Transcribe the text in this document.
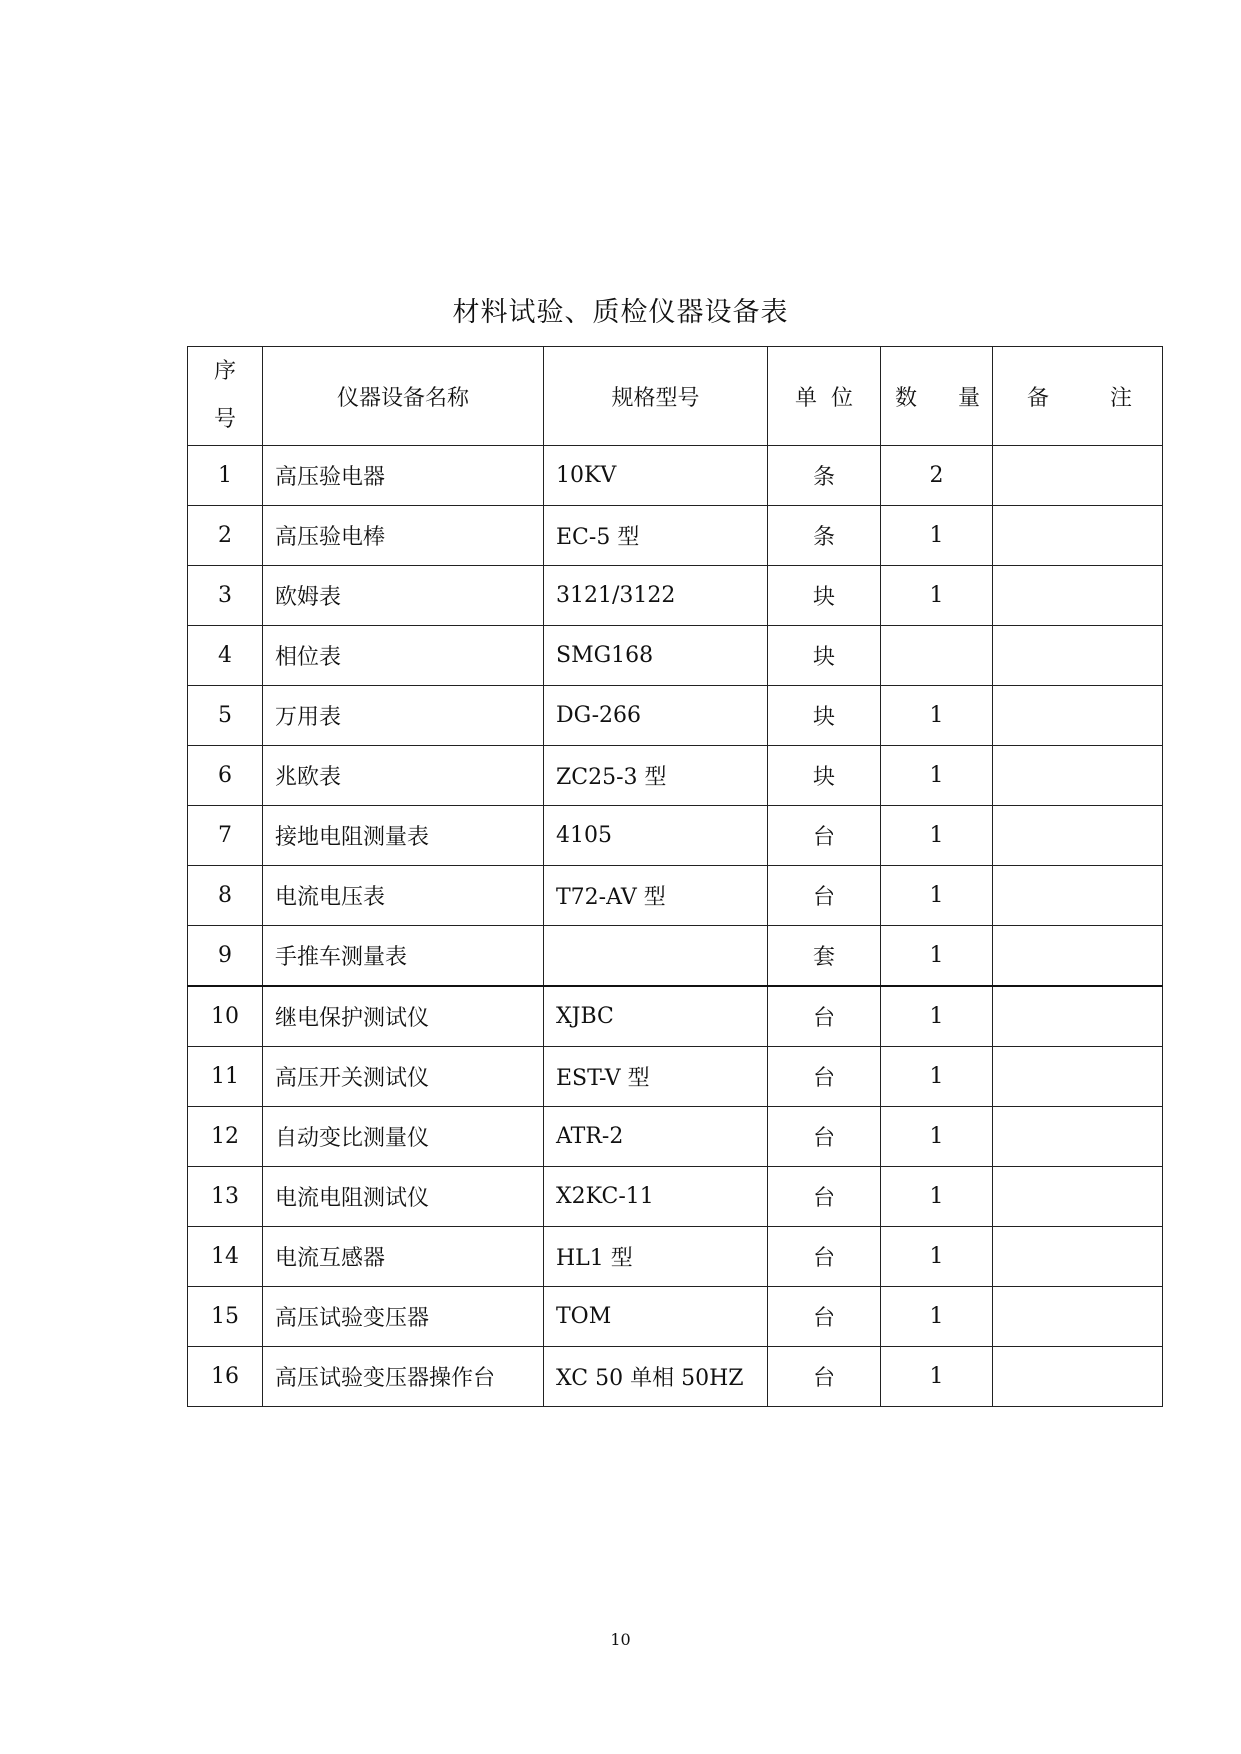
材料试验、质检仪器设备表
序
号	仪器设备名称	规格型号	单 位	数 量	备 注

1	高压验电器	10KV	条	2	
2	高压验电棒	EC-5 型	条	1	
3	欧姆表	3121/3122	块	1	
4	相位表	SMG168	块		
5	万用表	DG-266	块	1	
6	兆欧表	ZC25-3 型	块	1	
7	接地电阻测量表	4105	台	1	
8	电流电压表	T72-AV 型	台	1	
9	手推车测量表		套	1	
10	继电保护测试仪	XJBC	台	1	
11	高压开关测试仪	EST-V 型	台	1	
12	自动变比测量仪	ATR-2	台	1	
13	电流电阻测试仪	X2KC-11	台	1	
14	电流互感器	HL1 型	台	1	
15	高压试验变压器	TOM	台	1	
16	高压试验变压器操作台	XC 50 单相 50HZ	台	1	
10
